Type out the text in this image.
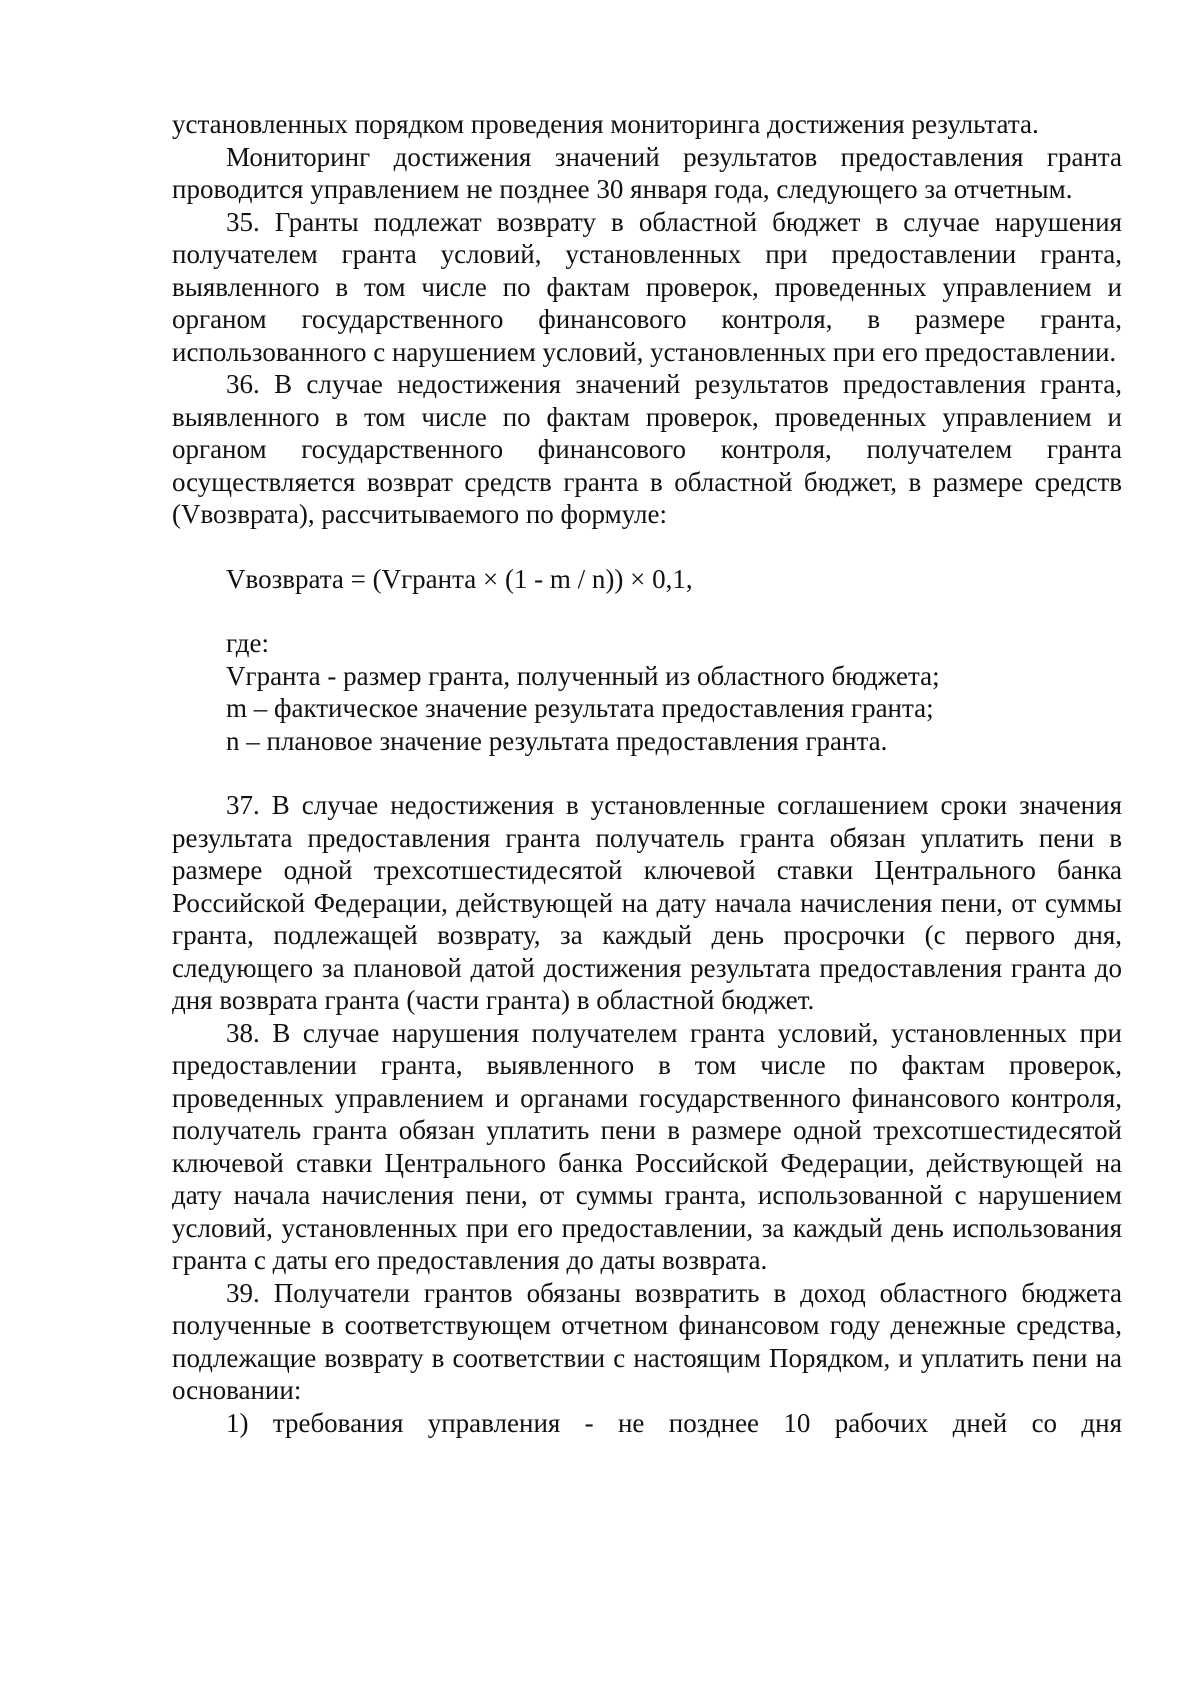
установленных порядком проведения мониторинга достижения результата.

Мониторинг достижения значений результатов предоставления гранта проводится управлением не позднее 30 января года, следующего за отчетным.

35. Гранты подлежат возврату в областной бюджет в случае нарушения получателем гранта условий, установленных при предоставлении гранта, выявленного в том числе по фактам проверок, проведенных управлением и органом государственного финансового контроля, в размере гранта, использованного с нарушением условий, установленных при его предоставлении.

36. В случае недостижения значений результатов предоставления гранта, выявленного в том числе по фактам проверок, проведенных управлением и органом государственного финансового контроля, получателем гранта осуществляется возврат средств гранта в областной бюджет, в размере средств (Vвозврата), рассчитываемого по формуле:

Vвозврата = (Vгранта × (1 - m / n)) × 0,1,

где:

Vгранта - размер гранта, полученный из областного бюджета;

m – фактическое значение результата предоставления гранта;

n – плановое значение результата предоставления гранта.

37. В случае недостижения в установленные соглашением сроки значения результата предоставления гранта получатель гранта обязан уплатить пени в размере одной трехсотшестидесятой ключевой ставки Центрального банка Российской Федерации, действующей на дату начала начисления пени, от суммы гранта, подлежащей возврату, за каждый день просрочки (с первого дня, следующего за плановой датой достижения результата предоставления гранта до дня возврата гранта (части гранта) в областной бюджет.

38. В случае нарушения получателем гранта условий, установленных при предоставлении гранта, выявленного в том числе по фактам проверок, проведенных управлением и органами государственного финансового контроля, получатель гранта обязан уплатить пени в размере одной трехсотшестидесятой ключевой ставки Центрального банка Российской Федерации, действующей на дату начала начисления пени, от суммы гранта, использованной с нарушением условий, установленных при его предоставлении, за каждый день использования гранта с даты его предоставления до даты возврата.

39. Получатели грантов обязаны возвратить в доход областного бюджета полученные в соответствующем отчетном финансовом году денежные средства, подлежащие возврату в соответствии с настоящим Порядком, и уплатить пени на основании:

1) требования управления - не позднее 10 рабочих дней со дня
